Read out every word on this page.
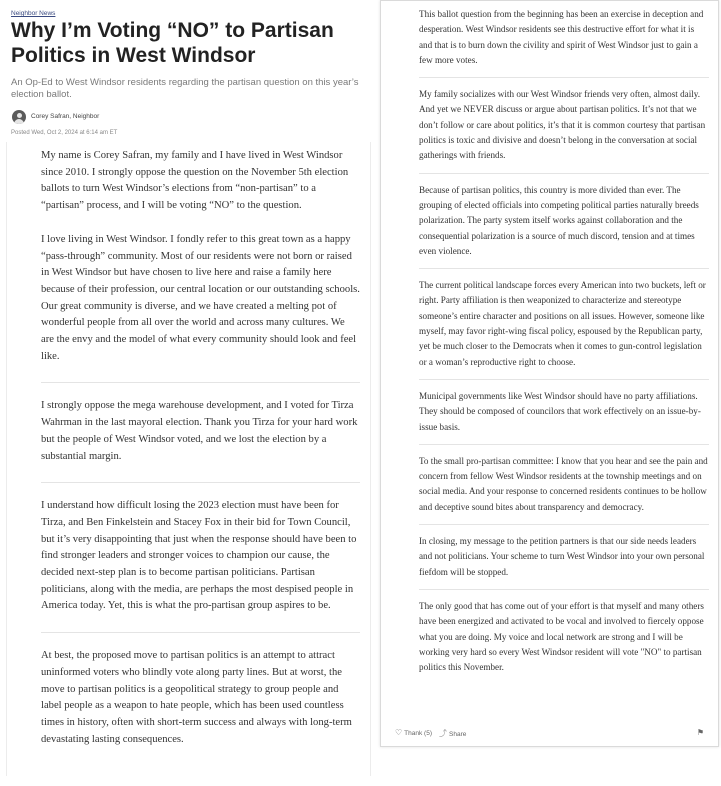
Neighbor News
Why I’m Voting “NO” to Partisan Politics in West Windsor
An Op-Ed to West Windsor residents regarding the partisan question on this year’s election ballot.
Corey Safran, Neighbor
Posted Wed, Oct 2, 2024 at 6:14 am ET

My name is Corey Safran, my family and I have lived in West Windsor since 2010. I strongly oppose the question on the November 5th election ballots to turn West Windsor’s elections from “non-partisan” to a “partisan” process, and I will be voting “NO” to the question.

I love living in West Windsor. I fondly refer to this great town as a happy “pass-through” community. Most of our residents were not born or raised in West Windsor but have chosen to live here and raise a family here because of their profession, our central location or our outstanding schools. Our great community is diverse, and we have created a melting pot of wonderful people from all over the world and across many cultures. We are the envy and the model of what every community should look and feel like.

I strongly oppose the mega warehouse development, and I voted for Tirza Wahrman in the last mayoral election. Thank you Tirza for your hard work but the people of West Windsor voted, and we lost the election by a substantial margin.

I understand how difficult losing the 2023 election must have been for Tirza, and Ben Finkelstein and Stacey Fox in their bid for Town Council, but it’s very disappointing that just when the response should have been to find stronger leaders and stronger voices to champion our cause, the decided next-step plan is to become partisan politicians. Partisan politicians, along with the media, are perhaps the most despised people in America today. Yet, this is what the pro-partisan group aspires to be.

At best, the proposed move to partisan politics is an attempt to attract uninformed voters who blindly vote along party lines. But at worst, the move to partisan politics is a geopolitical strategy to group people and label people as a weapon to hate people, which has been used countless times in history, often with short-term success and always with long-term devastating lasting consequences.

This ballot question from the beginning has been an exercise in deception and desperation. West Windsor residents see this destructive effort for what it is and that is to burn down the civility and spirit of West Windsor just to gain a few more votes.

My family socializes with our West Windsor friends very often, almost daily. And yet we NEVER discuss or argue about partisan politics. It’s not that we don’t follow or care about politics, it’s that it is common courtesy that partisan politics is toxic and divisive and doesn’t belong in the conversation at social gatherings with friends.

Because of partisan politics, this country is more divided than ever. The grouping of elected officials into competing political parties naturally breeds polarization. The party system itself works against collaboration and the consequential polarization is a source of much discord, tension and at times even violence.

The current political landscape forces every American into two buckets, left or right. Party affiliation is then weaponized to characterize and stereotype someone’s entire character and positions on all issues. However, someone like myself, may favor right-wing fiscal policy, espoused by the Republican party, yet be much closer to the Democrats when it comes to gun-control legislation or a woman’s reproductive right to choose.

Municipal governments like West Windsor should have no party affiliations. They should be composed of councilors that work effectively on an issue-by-issue basis.

To the small pro-partisan committee: I know that you hear and see the pain and concern from fellow West Windsor residents at the township meetings and on social media. And your response to concerned residents continues to be hollow and deceptive sound bites about transparency and democracy.

In closing, my message to the petition partners is that our side needs leaders and not politicians. Your scheme to turn West Windsor into your own personal fiefdom will be stopped.

The only good that has come out of your effort is that myself and many others have been energized and activated to be vocal and involved to fiercely oppose what you are doing. My voice and local network are strong and I will be working very hard so every West Windsor resident will vote "NO" to partisan politics this November.

♡ Thank (5) ⤴ Share	⚑
